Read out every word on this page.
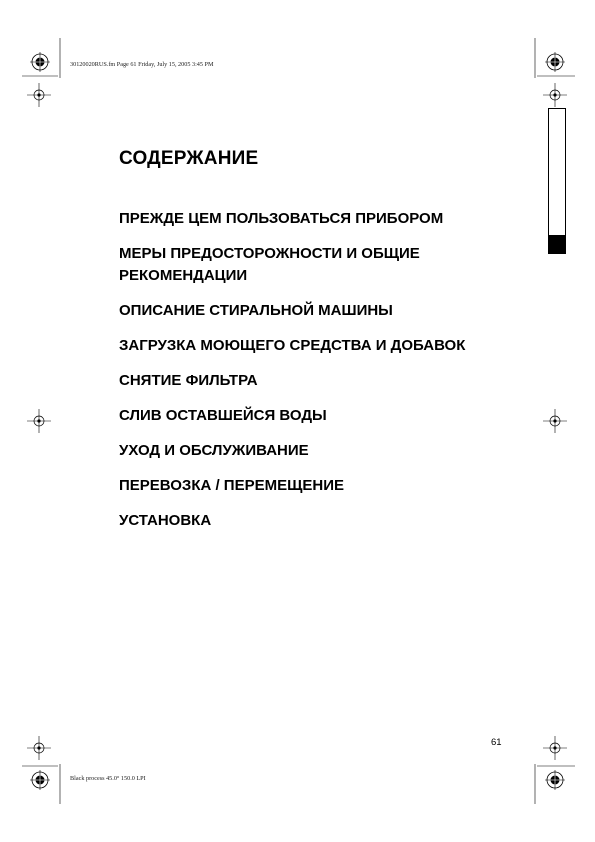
30120020RUS.fm Page 61 Friday, July 15, 2005 3:45 PM
СОДЕРЖАНИЕ
ПРЕЖДЕ ЦЕМ ПОЛЬЗОВАТЬСЯ ПРИБОРОМ
МЕРЫ ПРЕДОСТОРОЖНОСТИ И ОБЩИЕ РЕКОМЕНДАЦИИ
ОПИСАНИЕ СТИРАЛЬНОЙ МАШИНЫ
ЗАГРУЗКА МОЮЩЕГО СРЕДСТВА И ДОБАВОК
СНЯТИЕ ФИЛЬТРА
СЛИВ ОСТАВШЕЙСЯ ВОДЫ
УХОД И ОБСЛУЖИВАНИЕ
ПЕРЕВОЗКА / ПЕРЕМЕЩЕНИЕ
УСТАНОВКА
61
Black process 45.0° 150.0 LPI
